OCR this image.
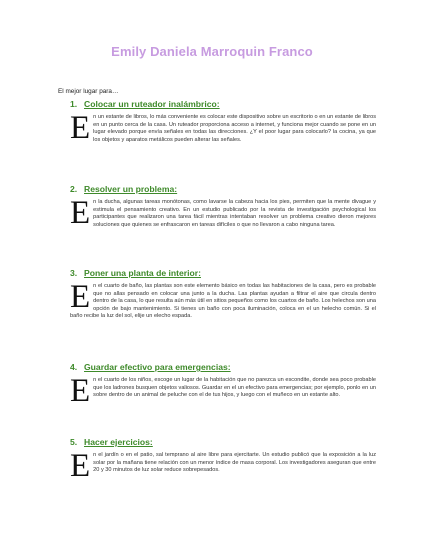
Emily Daniela Marroquin Franco
El mejor lugar para…
1. Colocar un ruteador inalámbrico:
En un estante de libros, lo más conveniente es colocar este dispositivo sobre un escritorio o en un estante de libros en un punto cerca de la casa. Un ruteador proporciona acceso a internet, y funciona mejor cuando se pone en un lugar elevado porque envía señales en todas las direcciones. ¿Y el poor lugar para colocarlo? la cocina, ya que los objetos y aparatos metálicos pueden alterar las señales.
2. Resolver un problema:
En la ducha, algunas tareas monótonas, como lavarse la cabeza hacia los pies, permiten que la mente divague y estimula el pensamiento creativo. En un estudio publicado por la revista de investigación psychological los participantes que realizaron una tarea fácil mientras intentaban resolver un problema creativo dieron mejores soluciones que quienes se enfrascaron en tareas difíciles o que no llevaron a cabo ninguna tarea.
3. Poner una planta de interior:
En el cuarto de baño, las plantas son este elemento básico en todas las habitaciones de la casa, pero es probable que no allas pensado en colocar una junto a la ducha. Las plantas ayudan a filtrar el aire que circula dentro dentro de la casa, lo que resulta aún más útil en sitios pequeños como los cuartos de baño. Los helechos son una opción de bajo mantenimiento. Si tienes un baño con poca iluminación, coloca en el un helecho común. Si el baño recibe la luz del sol, elije un elecho espada.
4. Guardar efectivo para emergencias:
En el cuarto de los niños, escoge un lugar de la habitación que no parezca un escondite, donde sea poco probable que los ladrones busquen objetos valiosos. Guardar en el un efectivo para emergencias; por ejemplo, ponlo en un sobre dentro de un animal de peluche con el de tus hijos, y luego con el muñeco en un estante alto.
5. Hacer ejercicios:
En el jardín o en el patio, sal temprano al aire libre para ejercitarte. Un estudio publicó que la exposición a la luz solar por la mañana tiene relación con un menor índice de masa corporal. Los investigadores aseguran que entre 20 y 30 minutos de luz solar reduce sobrepesados.
